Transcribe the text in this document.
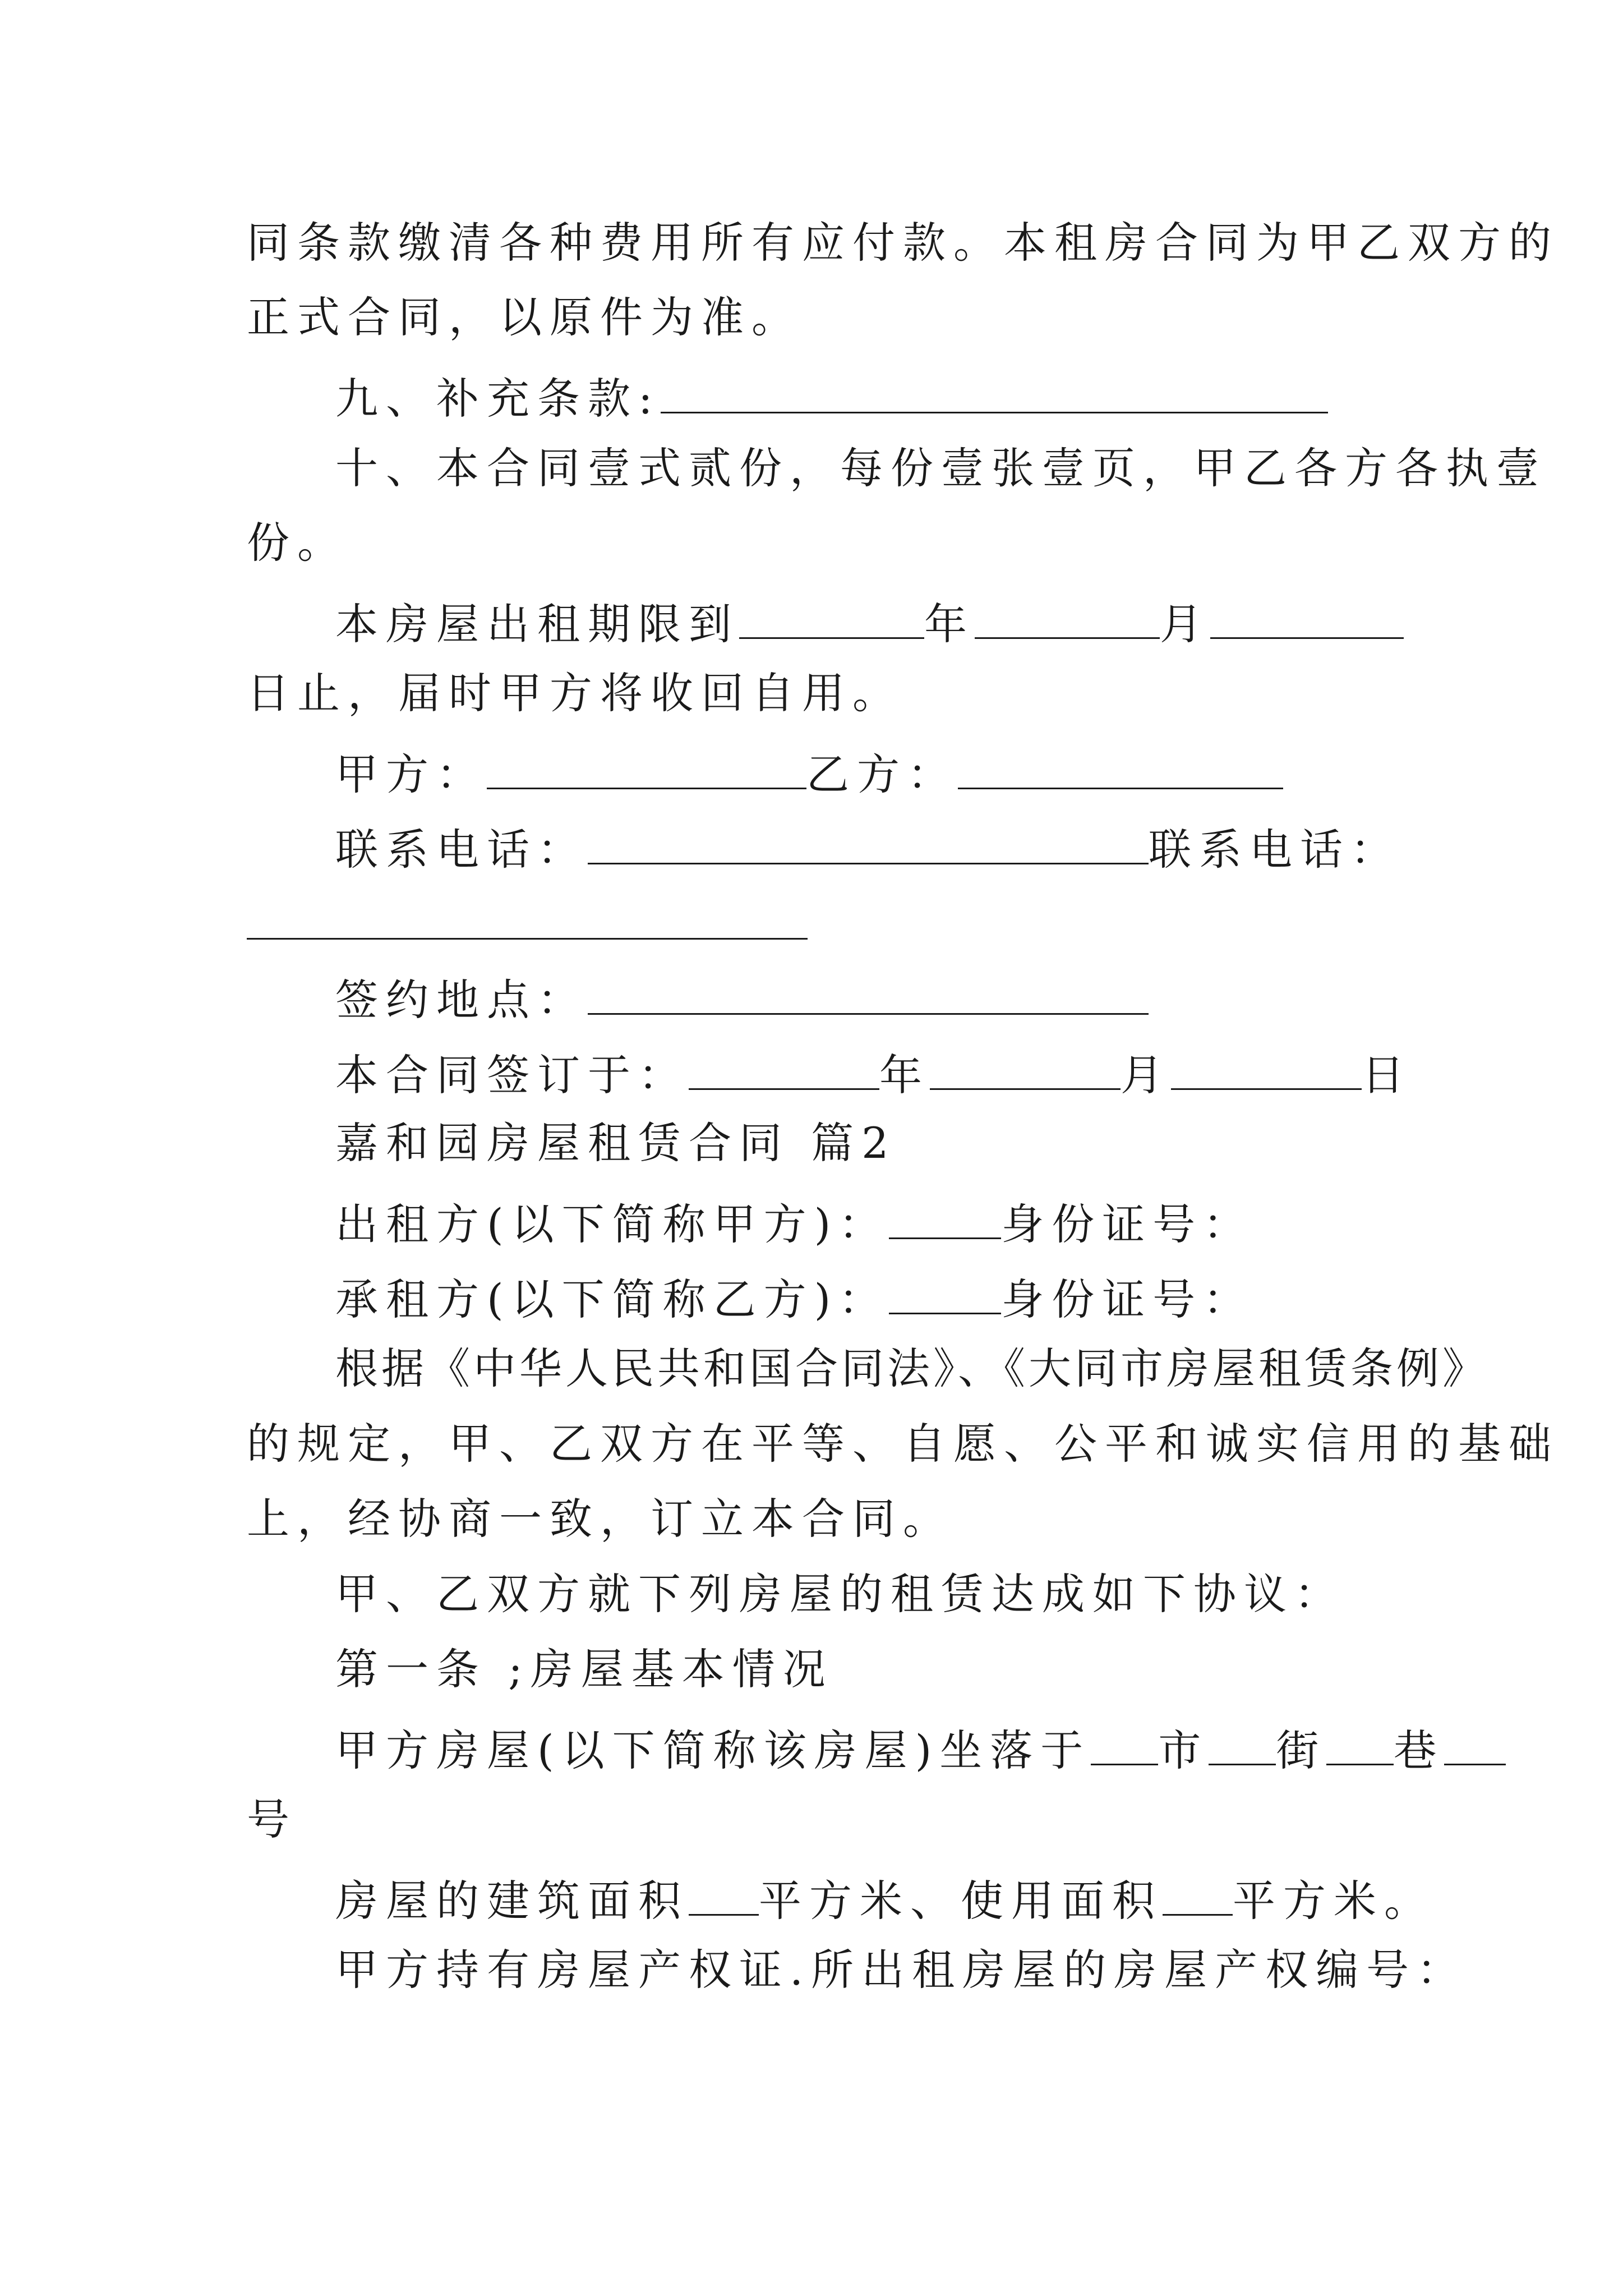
同条款缴清各种费用所有应付款。本租房合同为甲乙双方的
正式合同，以原件为准。
九、补充条款:
十、本合同壹式贰份，每份壹张壹页，甲乙各方各执壹
份。
本房屋出租期限到	年	月
日止，届时甲方将收回自用。
甲方：	乙方：
联系电话：	联系电话：
签约地点：
本合同签订于：	年	月	日
嘉和园房屋租赁合同 篇2
出租方(以下简称甲方)：	身份证号：
承租方(以下简称乙方)：	身份证号：
根据《中华人民共和国合同法》、《大同市房屋租赁条例》
的规定，甲、乙双方在平等、自愿、公平和诚实信用的基础
上，经协商一致，订立本合同。
甲、乙双方就下列房屋的租赁达成如下协议：
第一条 ;房屋基本情况
甲方房屋(以下简称该房屋)坐落于 市 街 巷
号
房屋的建筑面积 平方米、使用面积 平方米。
甲方持有房屋产权证.所出租房屋的房屋产权编号：
